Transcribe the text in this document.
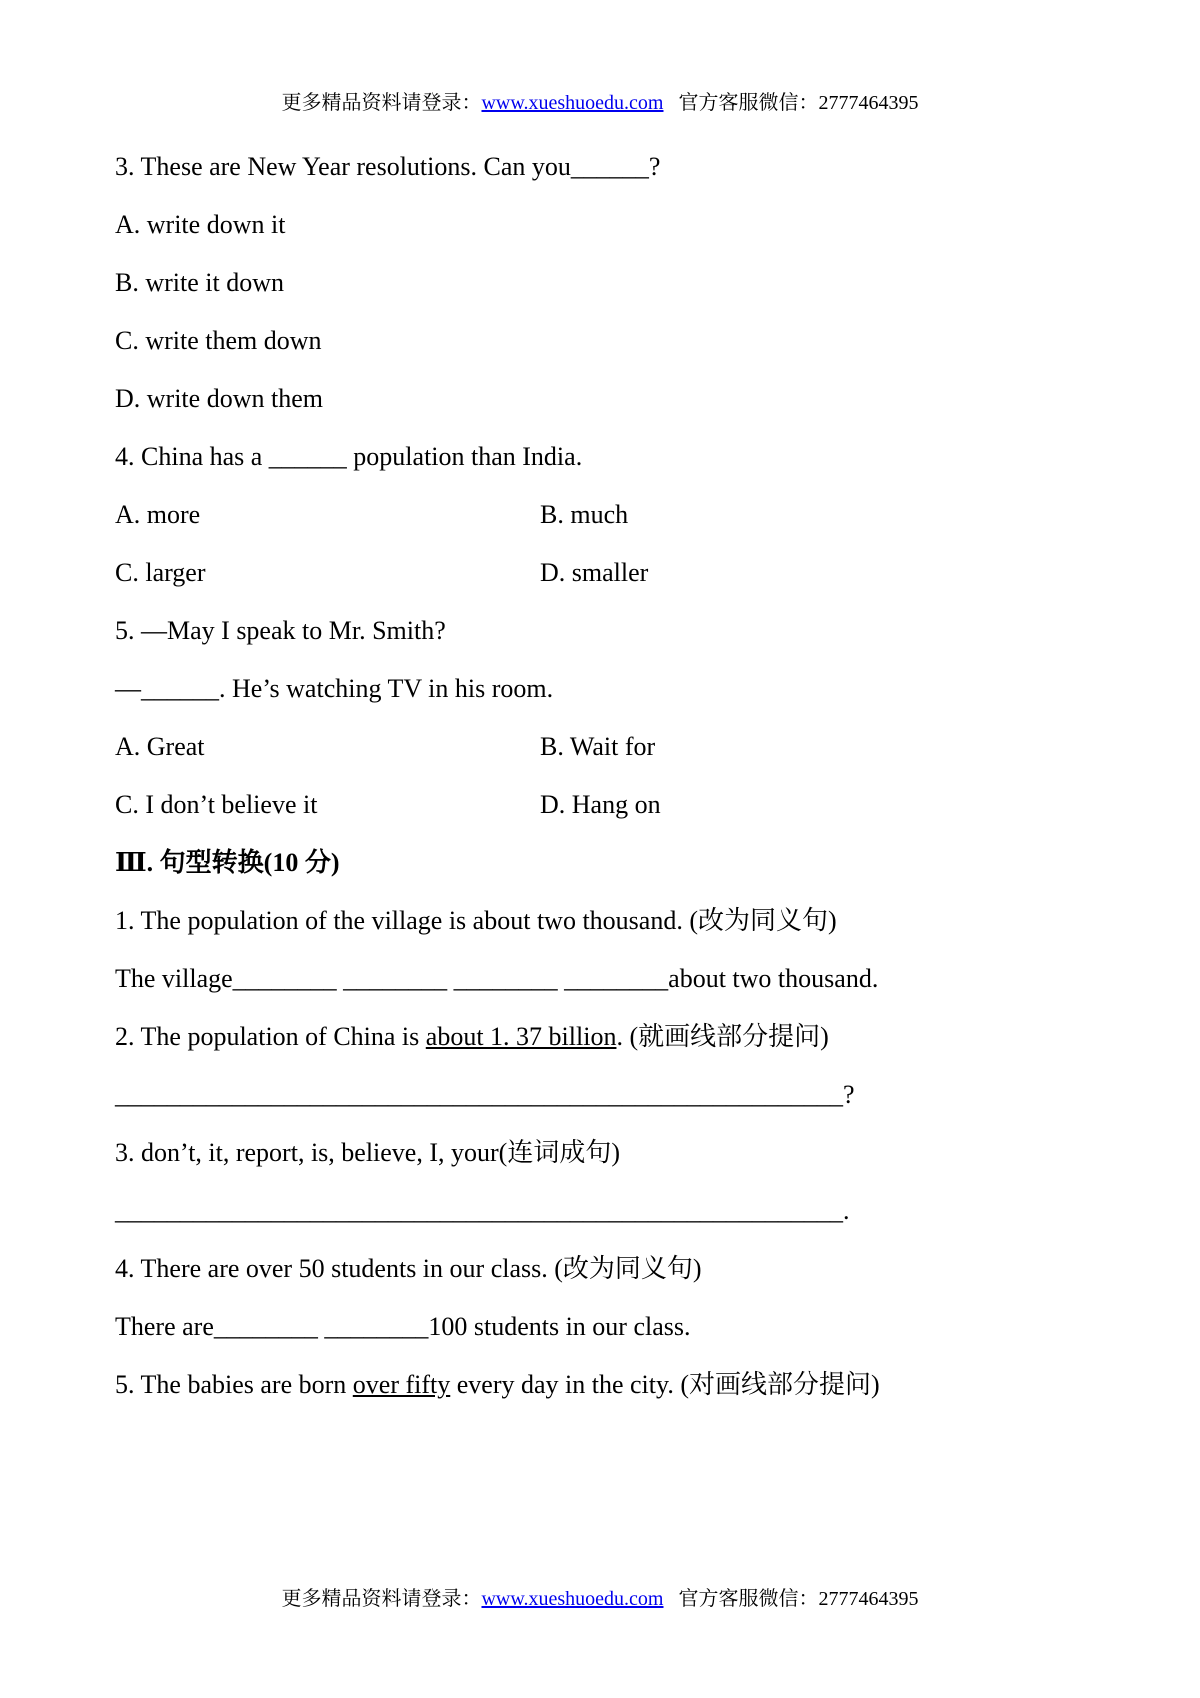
更多精品资料请登录：www.xueshuoedu.com   官方客服微信：2777464395
3. These are New Year resolutions. Can you______?
A. write down it
B. write it down
C. write them down
D. write down them
4. China has a ______ population than India.
A. more	B. much
C. larger	D. smaller
5. —May I speak to Mr. Smith?
—______. He’s watching TV in his room.
A. Great	B. Wait for
C. I don’t believe it	D. Hang on
Ⅲ. 句型转换(10 分)
1. The population of the village is about two thousand. (改为同义句)
The village________ ________ ________ ________about two thousand.
2. The population of China is about 1. 37 billion. (就画线部分提问)
________________________________________________________?
3. don’t, it, report, is, believe, I, your(连词成句)
________________________________________________________.
4. There are over 50 students in our class. (改为同义句)
There are________ ________100 students in our class.
5. The babies are born over fifty every day in the city. (对画线部分提问)
更多精品资料请登录：www.xueshuoedu.com   官方客服微信：2777464395
